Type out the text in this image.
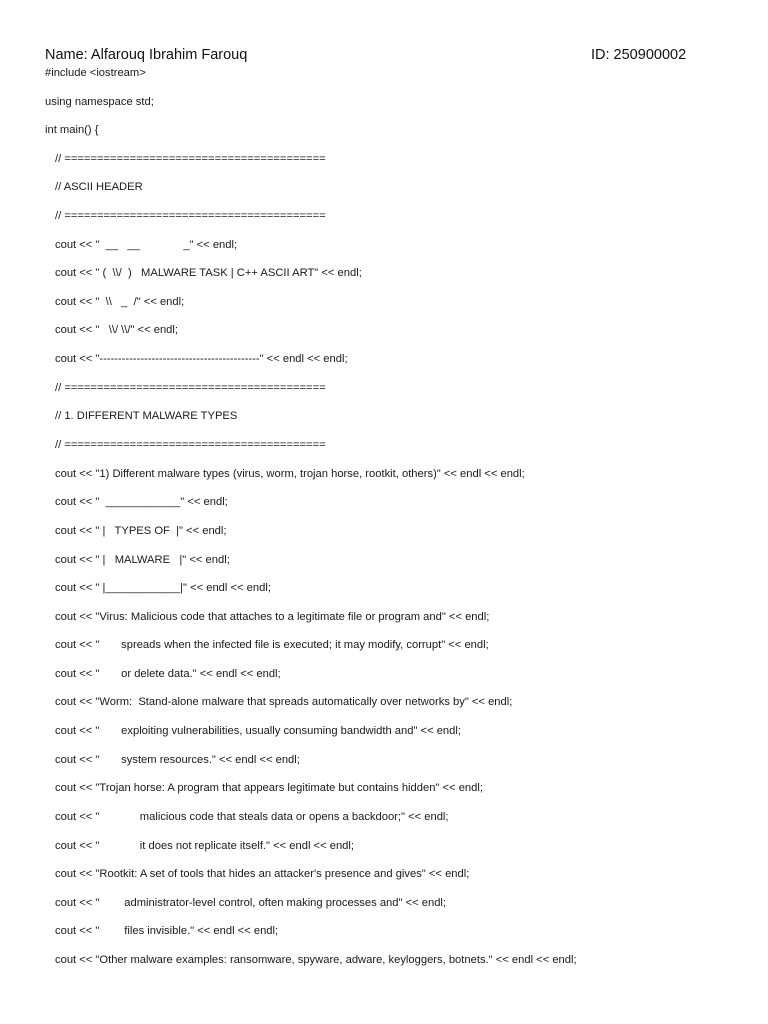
Name: Alfarouq Ibrahim Farouq	ID: 250900002
#include <iostream>
using namespace std;
int main() {
// ========================================
// ASCII HEADER
// ========================================
cout << "  __   __              _" << endl;
cout << " (  \\/  )   MALWARE TASK | C++ ASCII ART" << endl;
cout << "  \\   _  /" << endl;
cout << "   \\/ \\/" << endl;
cout << "-------------------------------------------" << endl << endl;
// ========================================
// 1. DIFFERENT MALWARE TYPES
// ========================================
cout << "1) Different malware types (virus, worm, trojan horse, rootkit, others)" << endl << endl;
cout << "  ____________" << endl;
cout << " |   TYPES OF  |" << endl;
cout << " |   MALWARE   |" << endl;
cout << " |____________|" << endl << endl;
cout << "Virus: Malicious code that attaches to a legitimate file or program and" << endl;
cout << "       spreads when the infected file is executed; it may modify, corrupt" << endl;
cout << "       or delete data." << endl << endl;
cout << "Worm:  Stand-alone malware that spreads automatically over networks by" << endl;
cout << "       exploiting vulnerabilities, usually consuming bandwidth and" << endl;
cout << "       system resources." << endl << endl;
cout << "Trojan horse: A program that appears legitimate but contains hidden" << endl;
cout << "             malicious code that steals data or opens a backdoor;" << endl;
cout << "             it does not replicate itself." << endl << endl;
cout << "Rootkit: A set of tools that hides an attacker's presence and gives" << endl;
cout << "        administrator-level control, often making processes and" << endl;
cout << "        files invisible." << endl << endl;
cout << "Other malware examples: ransomware, spyware, adware, keyloggers, botnets." << endl << endl;
